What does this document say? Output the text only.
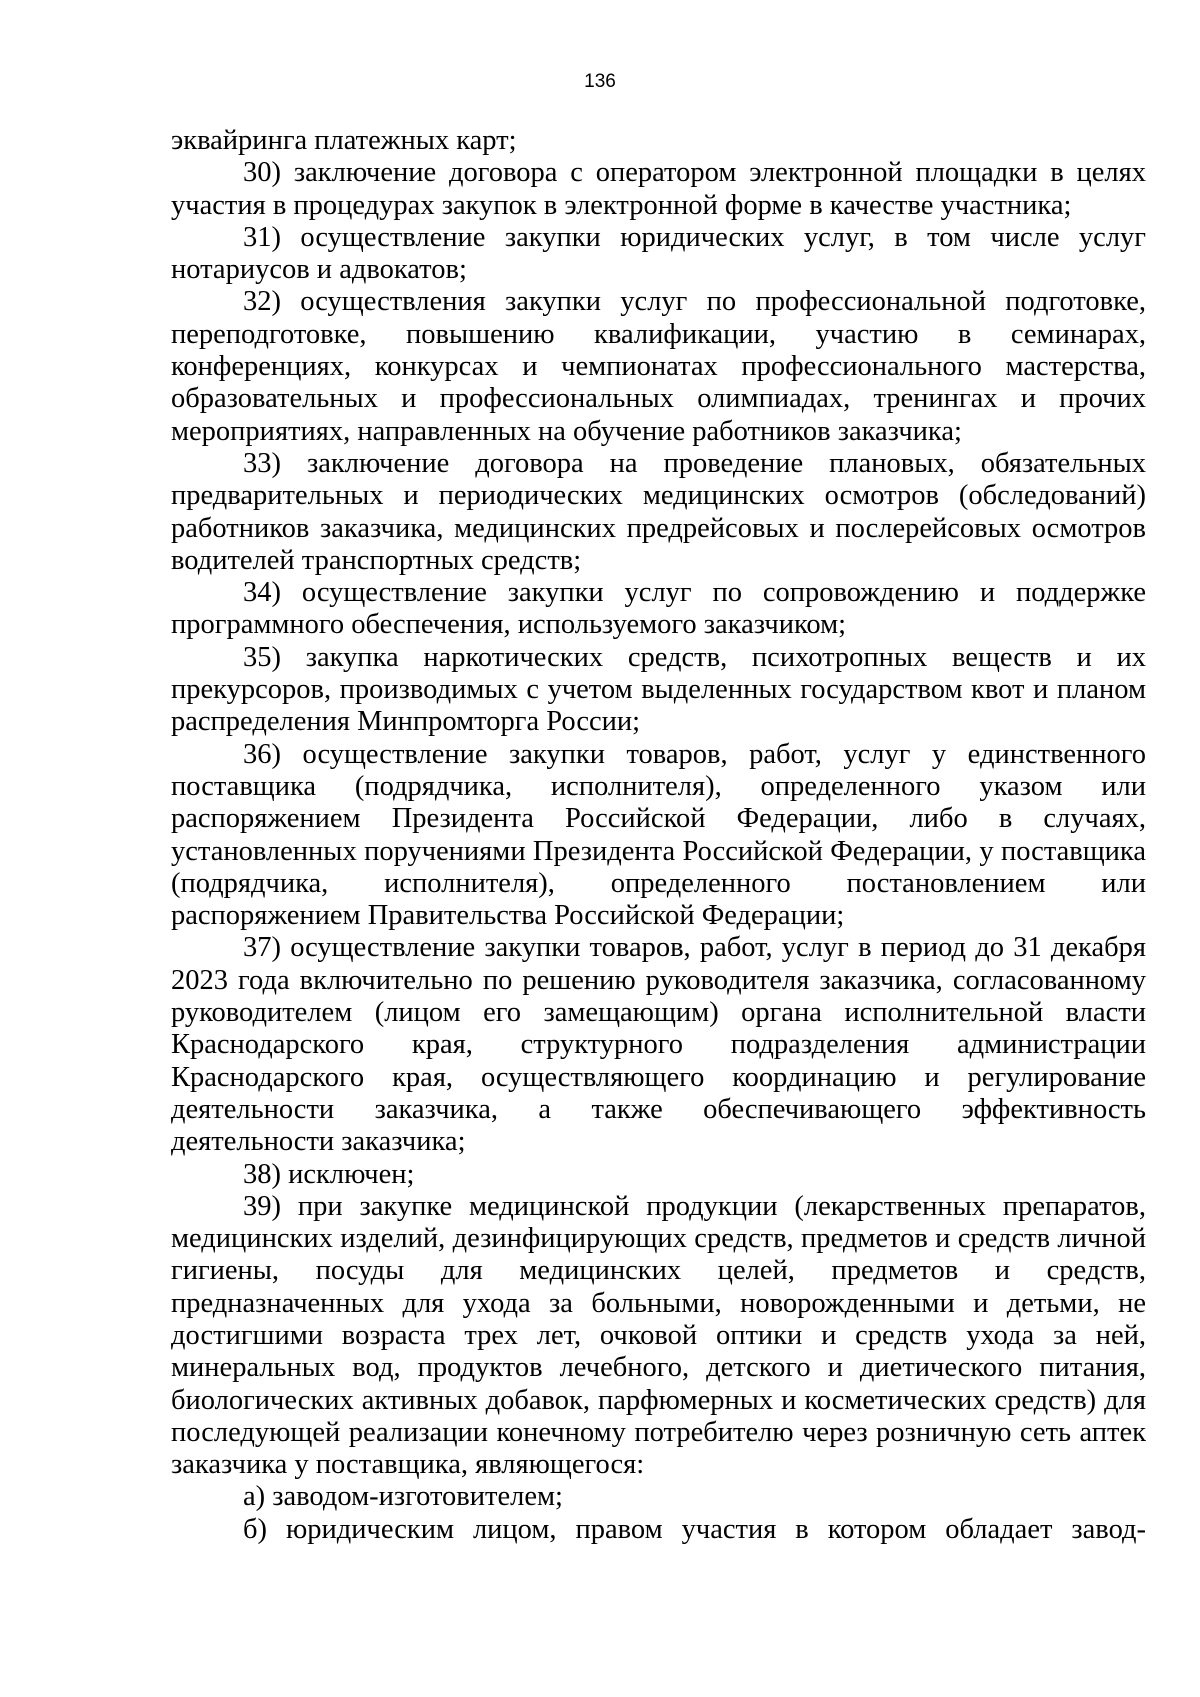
136

эквайринга платежных карт;

30) заключение договора с оператором электронной площадки в целях участия в процедурах закупок в электронной форме в качестве участника;

31) осуществление закупки юридических услуг, в том числе услуг нотариусов и адвокатов;

32) осуществления закупки услуг по профессиональной подготовке, переподготовке, повышению квалификации, участию в семинарах, конференциях, конкурсах и чемпионатах профессионального мастерства, образовательных и профессиональных олимпиадах, тренингах и прочих мероприятиях, направленных на обучение работников заказчика;

33) заключение договора на проведение плановых, обязательных предварительных и периодических медицинских осмотров (обследований) работников заказчика, медицинских предрейсовых и послерейсовых осмотров водителей транспортных средств;

34) осуществление закупки услуг по сопровождению и поддержке программного обеспечения, используемого заказчиком;

35) закупка наркотических средств, психотропных веществ и их прекурсоров, производимых с учетом выделенных государством квот и планом распределения Минпромторга России;

36) осуществление закупки товаров, работ, услуг у единственного поставщика (подрядчика, исполнителя), определенного указом или распоряжением Президента Российской Федерации, либо в случаях, установленных поручениями Президента Российской Федерации, у поставщика (подрядчика, исполнителя), определенного постановлением или распоряжением Правительства Российской Федерации;

37) осуществление закупки товаров, работ, услуг в период до 31 декабря 2023 года включительно по решению руководителя заказчика, согласованному руководителем (лицом его замещающим) органа исполнительной власти Краснодарского края, структурного подразделения администрации Краснодарского края, осуществляющего координацию и регулирование деятельности заказчика, а также обеспечивающего эффективность деятельности заказчика;

38) исключен;

39) при закупке медицинской продукции (лекарственных препаратов, медицинских изделий, дезинфицирующих средств, предметов и средств личной гигиены, посуды для медицинских целей, предметов и средств, предназначенных для ухода за больными, новорожденными и детьми, не достигшими возраста трех лет, очковой оптики и средств ухода за ней, минеральных вод, продуктов лечебного, детского и диетического питания, биологических активных добавок, парфюмерных и косметических средств) для последующей реализации конечному потребителю через розничную сеть аптек заказчика у поставщика, являющегося:

а) заводом-изготовителем;

б) юридическим лицом, правом участия в котором обладает завод-
